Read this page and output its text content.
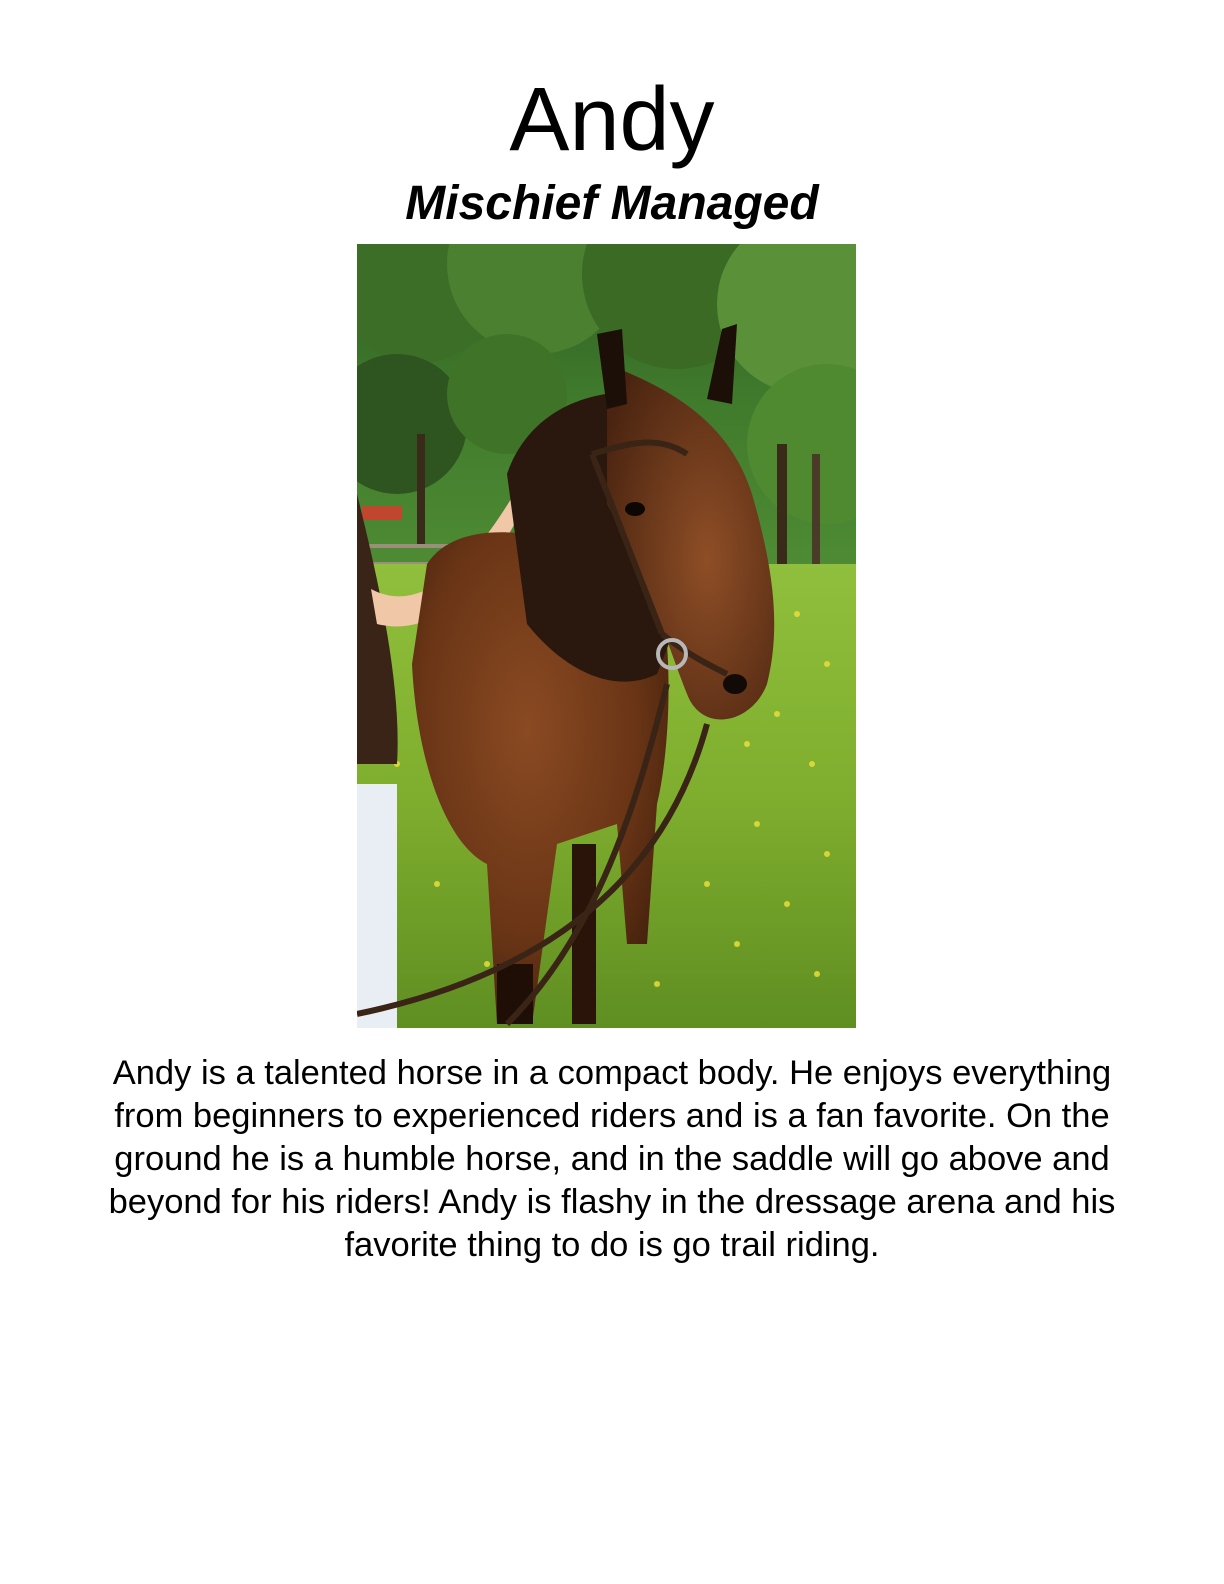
Andy
Mischief Managed

Andy is a talented horse in a compact body. He enjoys everything from beginners to experienced riders and is a fan favorite. On the ground he is a humble horse, and in the saddle will go above and beyond for his riders! Andy is flashy in the dressage arena and his favorite thing to do is go trail riding.
